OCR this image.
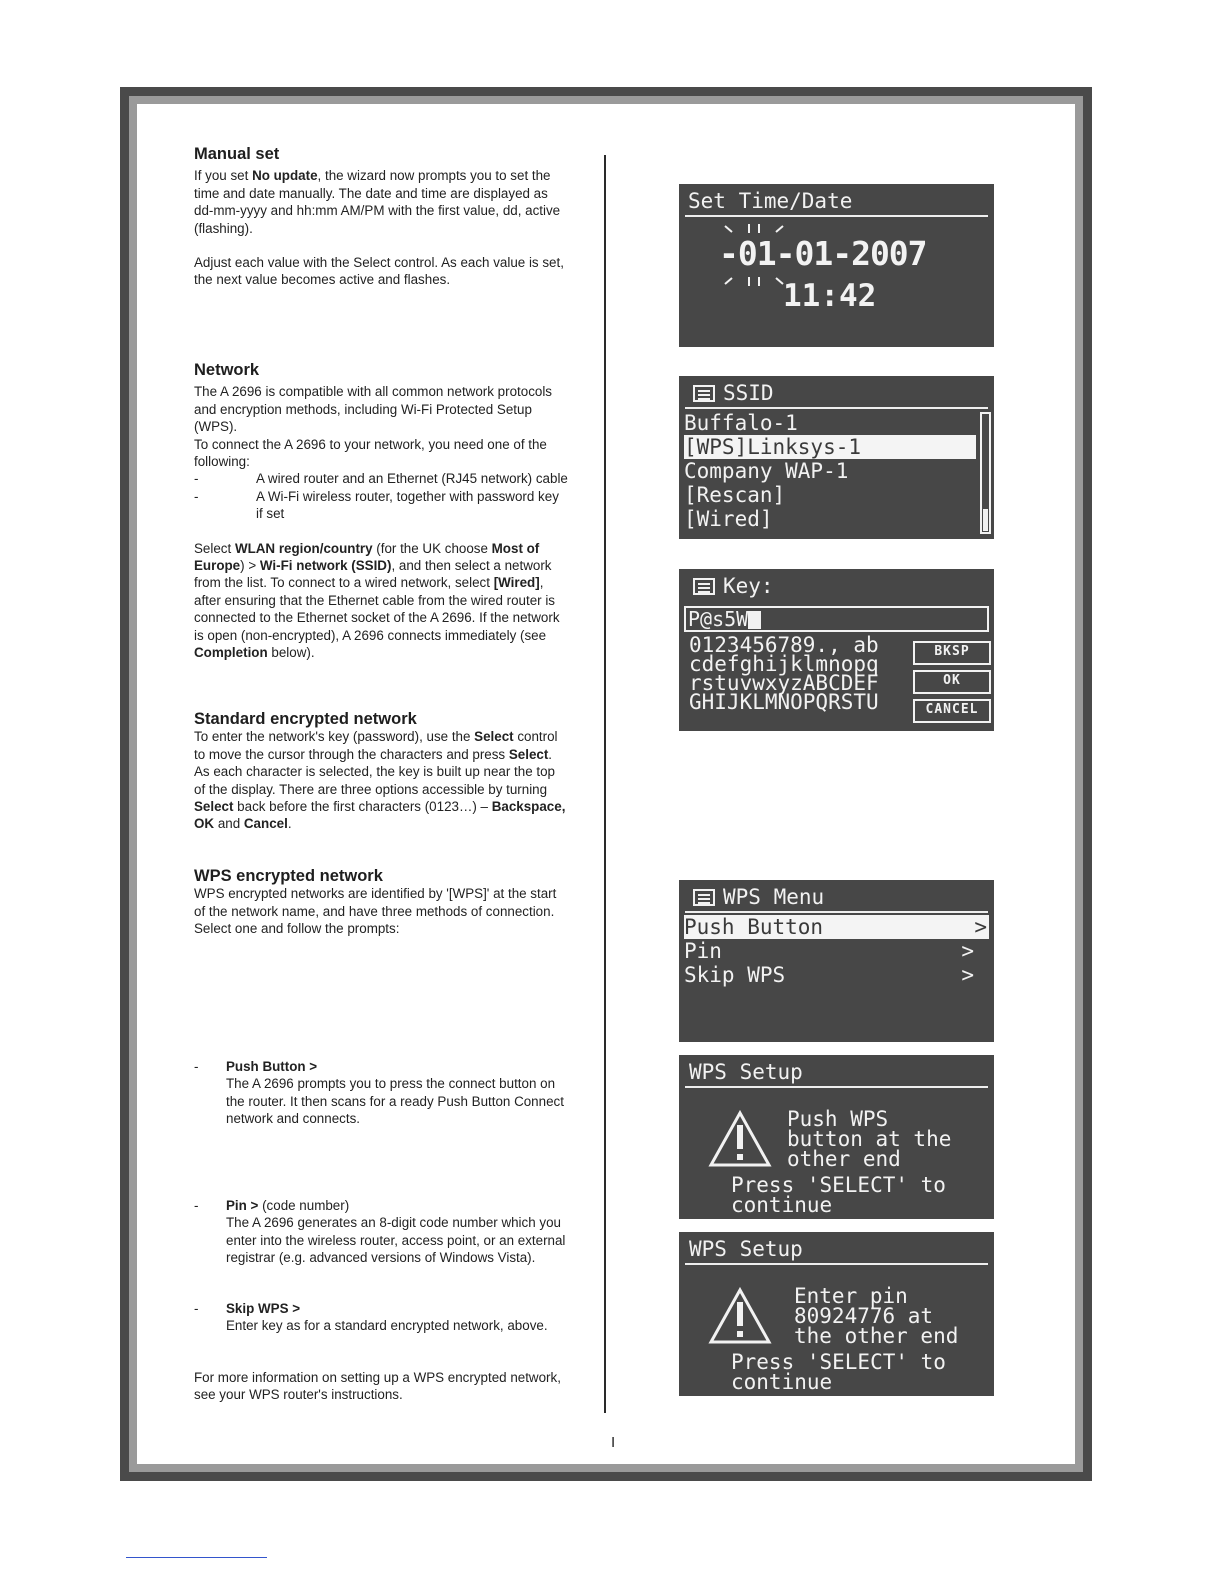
Manual set

If you set No update, the wizard now prompts you to set the time and date manually. The date and time are displayed as dd-mm-yyyy and hh:mm AM/PM with the first value, dd, active (flashing).

Adjust each value with the Select control. As each value is set, the next value becomes active and flashes.

Network

The A 2696 is compatible with all common network protocols and encryption methods, including Wi-Fi Protected Setup (WPS).

To connect the A 2696 to your network, you need one of the following:

-	A wired router and an Ethernet (RJ45 network) cable
-	A Wi-Fi wireless router, together with password key if set

Select WLAN region/country (for the UK choose Most of Europe) > Wi-Fi network (SSID), and then select a network from the list. To connect to a wired network, select [Wired], after ensuring that the Ethernet cable from the wired router is connected to the Ethernet socket of the A 2696. If the network is open (non-encrypted), A 2696 connects immediately (see Completion below).

Standard encrypted network

To enter the network's key (password), use the Select control to move the cursor through the characters and press Select. As each character is selected, the key is built up near the top of the display. There are three options accessible by turning Select back before the first characters (0123…) – Backspace, OK and Cancel.

WPS encrypted network

WPS encrypted networks are identified by '[WPS]' at the start of the network name, and have three methods of connection. Select one and follow the prompts:

-	Push Button >

The A 2696 prompts you to press the connect button on the router. It then scans for a ready Push Button Connect network and connects.

-	Pin > (code number)

The A 2696 generates an 8-digit code number which you enter into the wireless router, access point, or an external registrar (e.g. advanced versions of Windows Vista).

-	Skip WPS >

Enter key as for a standard encrypted network, above.

For more information on setting up a WPS encrypted network, see your WPS router's instructions.

Set Time/Date
-01-01-2007
11:42
SSID
Buffalo-1
[WPS]Linksys-1
Company WAP-1
[Rescan]
[Wired]
Key:
P@s5W
0123456789., ab
cdefghijklmnopq
rstuvwxyzABCDEF
GHIJKLMNOPQRSTU
BKSP
OK
CANCEL
WPS Menu
Push Button	>
Pin	>
Skip WPS	>
WPS Setup
Push WPS
button at the
other end
Press 'SELECT' to
continue
WPS Setup
Enter pin
80924776 at
the other end
Press 'SELECT' to
continue
I
